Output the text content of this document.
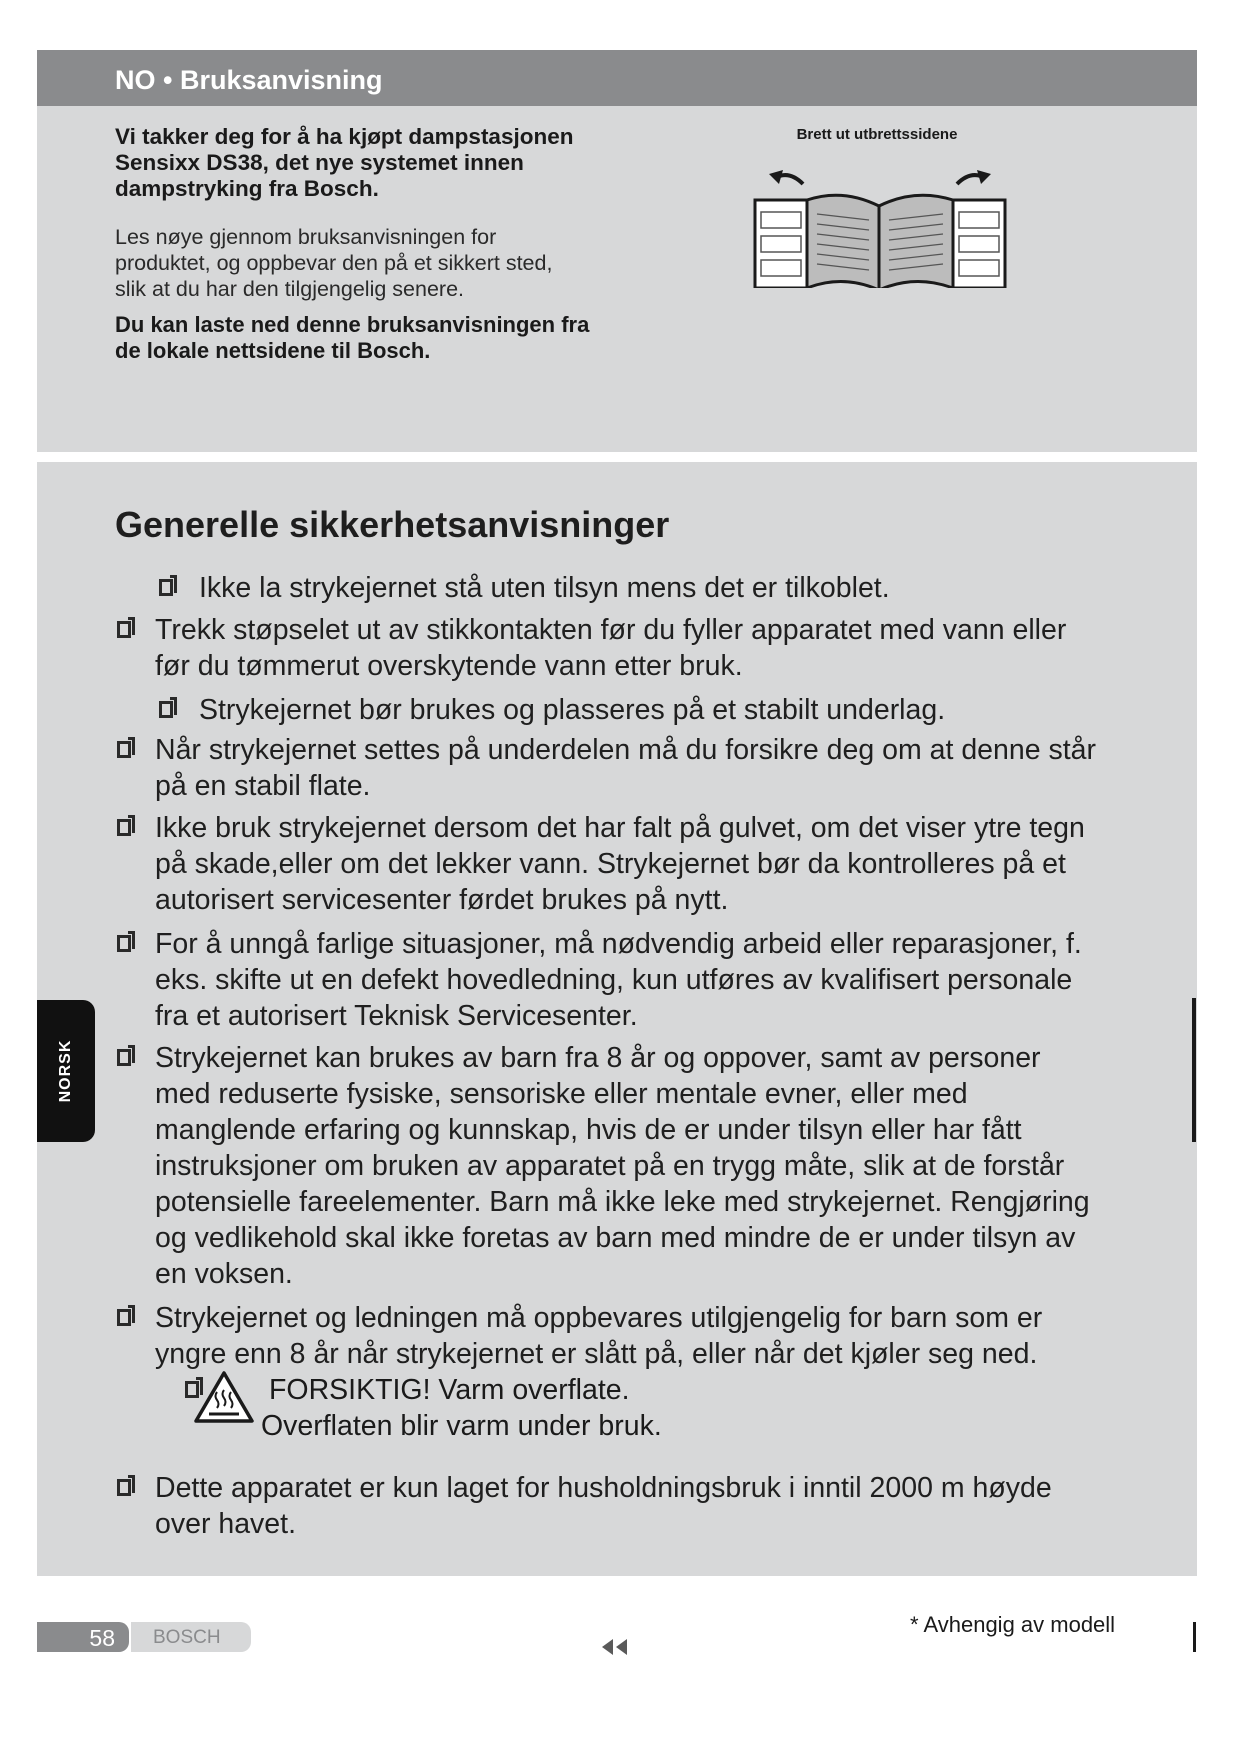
NO • Bruksanvisning

Vi takker deg for å ha kjøpt dampstasjonen
Sensixx DS38, det nye systemet innen
dampstryking fra Bosch.

Les nøye gjennom bruksanvisningen for
produktet, og oppbevar den på et sikkert sted,
slik at du har den tilgjengelig senere.

Du kan laste ned denne bruksanvisningen fra
de lokale nettsidene til Bosch.

Brett ut utbrettssidene
Generelle sikkerhetsanvisninger
Ikke la strykejernet stå uten tilsyn mens det er tilkoblet.
Trekk støpselet ut av stikkontakten før du fyller apparatet med vann eller
før du tømmerut overskytende vann etter bruk.
Strykejernet bør brukes og plasseres på et stabilt underlag.
Når strykejernet settes på underdelen må du forsikre deg om at denne står
på en stabil flate.
Ikke bruk strykejernet dersom det har falt på gulvet, om det viser ytre tegn
på skade,eller om det lekker vann. Strykejernet bør da kontrolleres på et
autorisert servicesenter førdet brukes på nytt.
For å unngå farlige situasjoner, må nødvendig arbeid eller reparasjoner, f.
eks. skifte ut en defekt hovedledning, kun utføres av kvalifisert personale
fra et autorisert Teknisk Servicesenter.
Strykejernet kan brukes av barn fra 8 år og oppover, samt av personer
med reduserte fysiske, sensoriske eller mentale evner, eller med
manglende erfaring og kunnskap, hvis de er under tilsyn eller har fått
instruksjoner om bruken av apparatet på en trygg måte, slik at de forstår
potensielle fareelementer. Barn må ikke leke med strykejernet. Rengjøring
og vedlikehold skal ikke foretas av barn med mindre de er under tilsyn av
en voksen.
Strykejernet og ledningen må oppbevares utilgjengelig for barn som er
yngre enn 8 år når strykejernet er slått på, eller når det kjøler seg ned.
FORSIKTIG! Varm overflate.
Overflaten blir varm under bruk.
Dette apparatet er kun laget for husholdningsbruk i inntil 2000 m høyde
over havet.
NORSK
58 BOSCH
* Avhengig av modell
